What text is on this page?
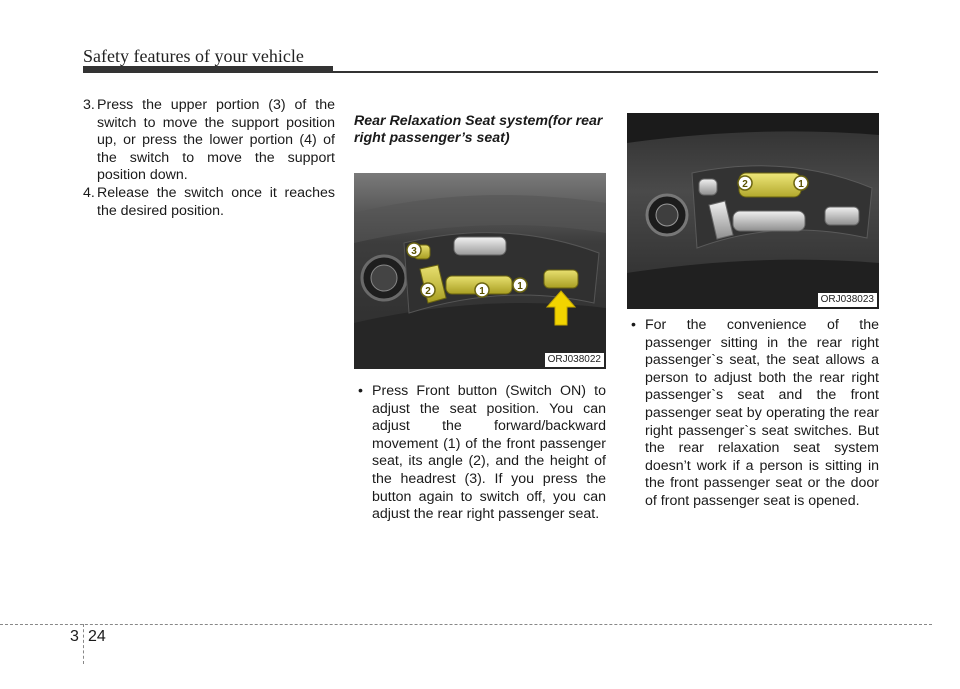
Safety features of your vehicle
3. Press the upper portion (3) of the switch to move the support position up, or press the lower portion (4) of the switch to move the support position down.

4. Release the switch once it reaches the desired position.

Rear Relaxation Seat system(for rear right passenger’s seat)
3
2	1	1
ORJ038022
• Press Front button (Switch ON) to adjust the seat position. You can adjust the forward/backward movement (1) of the front passenger seat, its angle (2), and the height of the headrest (3). If you press the button again to switch off, you can adjust the rear right passenger seat.

2	1
ORJ038023
• For the convenience of the passenger sitting in the rear right passenger`s seat, the seat allows a person to adjust both the rear right passenger`s seat and the front passenger seat by operating the rear right passenger`s seat switches. But the rear relaxation seat system doesn’t work if a person is sitting in the front passenger seat or the door of front passenger seat is opened.

3 24
